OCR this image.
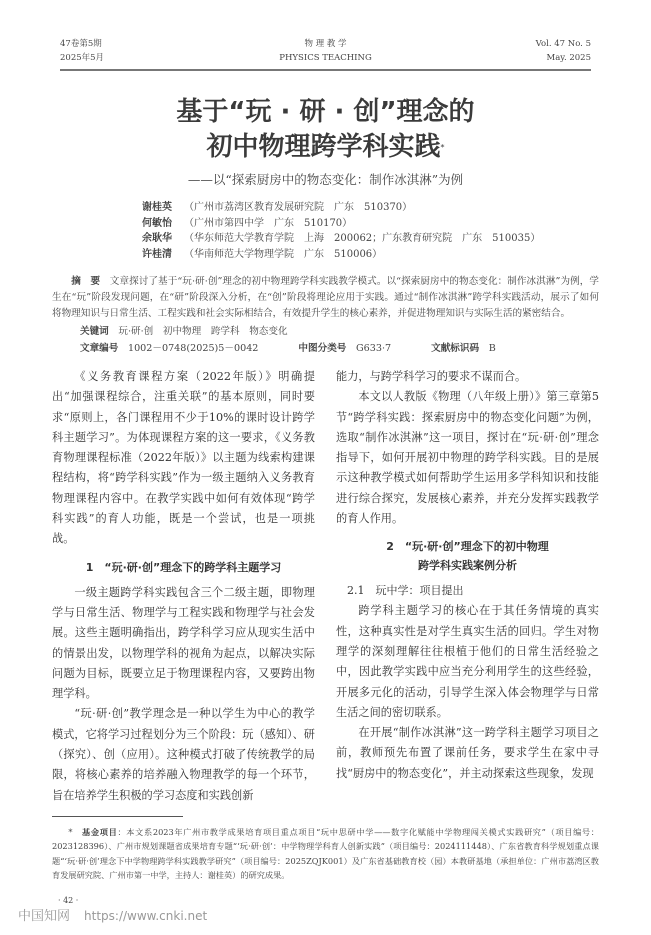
47卷第5期
2025年5月
物 理 教 学
PHYSICS TEACHING
Vol. 47 No. 5
May. 2025
基于“玩 · 研 · 创”理念的
初中物理跨学科实践*
——以“探索厨房中的物态变化：制作冰淇淋”为例
谢桂英	（广州市荔湾区教育发展研究院　广东　510370）
何敏怡	（广州市第四中学　广东　510170）
余耿华	（华东师范大学教育学院　上海　200062；广东教育研究院　广东　510035）
许桂清	（华南师范大学物理学院　广东　510006）
摘　要　 文章探讨了基于“玩·研·创”理念的初中物理跨学科实践教学模式。以“探索厨房中的物态变化：制作冰淇淋”为例，学生在“玩”阶段发现问题，在“研”阶段深入分析，在“创”阶段将理论应用于实践。通过“制作冰淇淋”跨学科实践活动，展示了如何将物理知识与日常生活、工程实践和社会实际相结合，有效提升学生的核心素养，并促进物理知识与实际生活的紧密结合。
关键词　 玩·研·创　初中物理　跨学科　物态变化
文章编号　 1002－0748(2025)5－0042	中图分类号　 G633·7	文献标识码　 B

《义务教育课程方案（2022年版）》明确提出“加强课程综合，注重关联”的基本原则，同时要求“原则上，各门课程用不少于10%的课时设计跨学科主题学习”。为体现课程方案的这一要求，《义务教育物理课程标准（2022年版）》以主题为线索构建课程结构，将“跨学科实践”作为一级主题纳入义务教育物理课程内容中。在教学实践中如何有效体现“跨学科实践”的育人功能，既是一个尝试，也是一项挑战。

1　“玩·研·创”理念下的跨学科主题学习

一级主题跨学科实践包含三个二级主题，即物理学与日常生活、物理学与工程实践和物理学与社会发展。这些主题明确指出，跨学科学习应从现实生活中的情景出发，以物理学科的视角为起点，以解决实际问题为目标，既要立足于物理课程内容，又要跨出物理学科。

“玩·研·创”教学理念是一种以学生为中心的教学模式，它将学习过程划分为三个阶段：玩（感知）、研（探究）、创（应用）。这种模式打破了传统教学的局限，将核心素养的培养融入物理教学的每一个环节，旨在培养学生积极的学习态度和实践创新

能力，与跨学科学习的要求不谋而合。

本文以人教版《物理（八年级上册）》第三章第5节“跨学科实践：探索厨房中的物态变化问题”为例，选取“制作冰淇淋”这一项目，探讨在“玩·研·创”理念指导下，如何开展初中物理的跨学科实践。目的是展示这种教学模式如何帮助学生运用多学科知识和技能进行综合探究，发展核心素养，并充分发挥实践教学的育人作用。

2　“玩·研·创”理念下的初中物理
跨学科实践案例分析
2.1　玩中学：项目提出

跨学科主题学习的核心在于其任务情境的真实性，这种真实性是对学生真实生活的回归。学生对物理学的深刻理解往往根植于他们的日常生活经验之中，因此教学实践中应当充分利用学生的这些经验，开展多元化的活动，引导学生深入体会物理学与日常生活之间的密切联系。

在开展“制作冰淇淋”这一跨学科主题学习项目之前，教师预先布置了课前任务，要求学生在家中寻找“厨房中的物态变化”，并主动探索这些现象，发现

*　 基金项目：本文系2023年广州市教学成果培育项目重点项目“玩中思研中学——数字化赋能中学物理闯关模式实践研究”（项目编号：2023128396）、广州市规划课题省成果培育专题“‘玩·研·创’：中学物理学科育人创新实践”（项目编号：2024111448）、广东省教育科学规划重点课题“‘玩·研·创’理念下中学物理跨学科实践教学研究”（项目编号：2025ZQJK001）及广东省基础教育校（园）本教研基地（承担单位：广州市荔湾区教育发展研究院、广州市第一中学，主持人：谢桂英）的研究成果。
· 42 ·
中国知网 https://www.cnki.net
